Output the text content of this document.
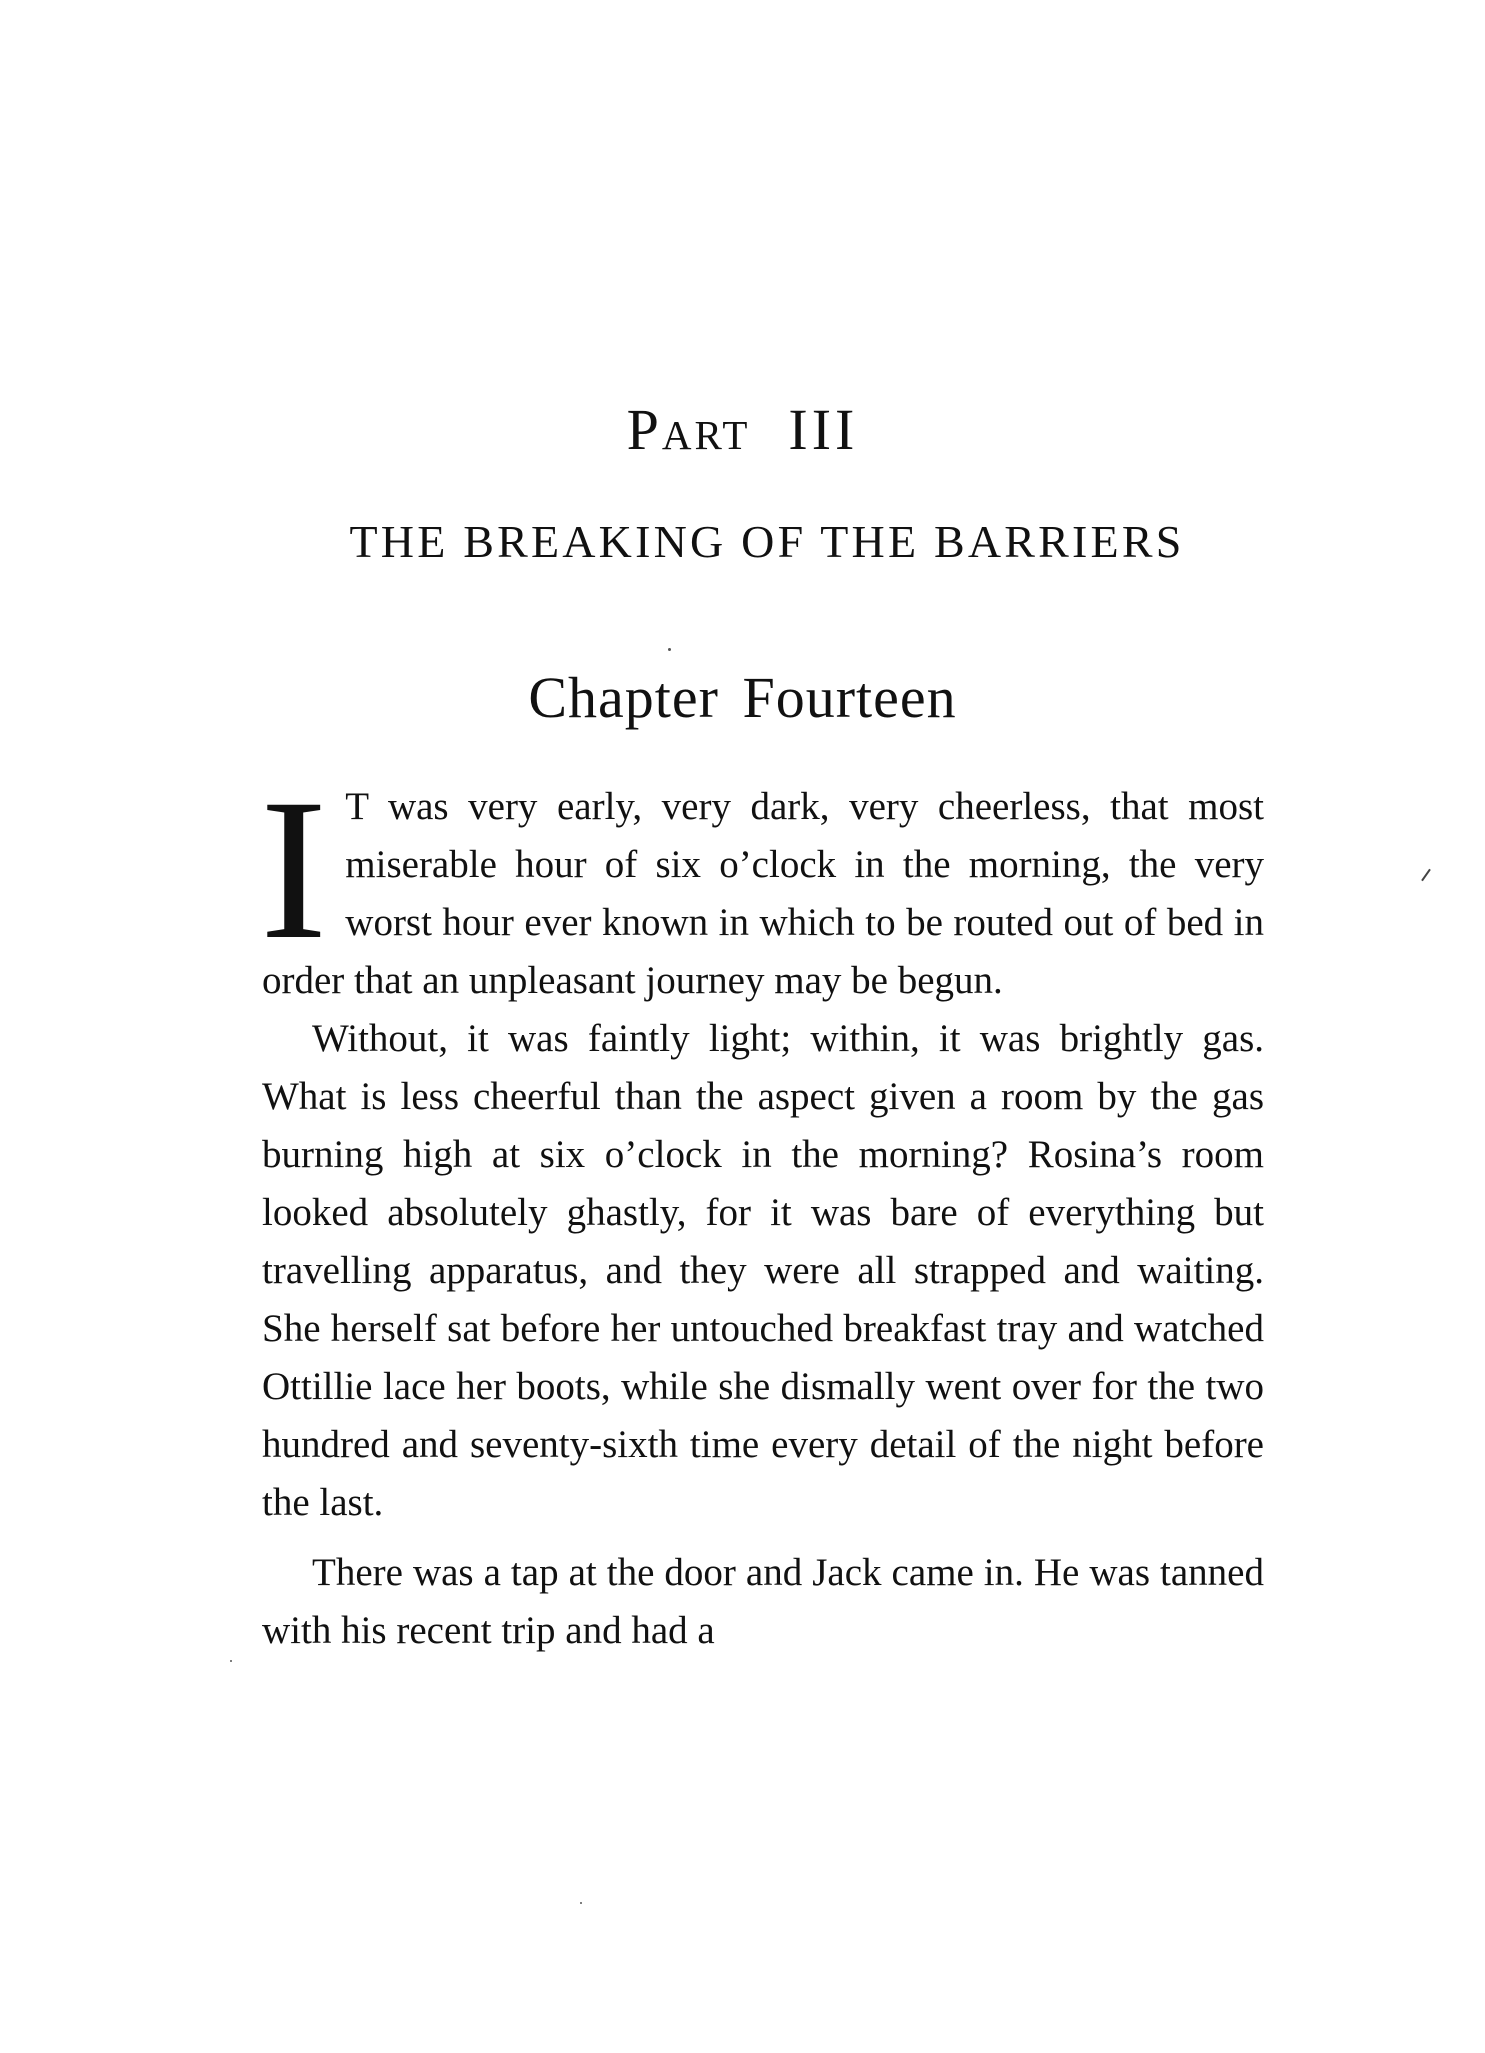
Part III
THE BREAKING OF THE BARRIERS
Chapter Fourteen

I T was very early, very dark, very cheerless, that most miserable hour of six o’clock in the morning, the very worst hour ever known in which to be routed out of bed in order that an unpleasant journey may be begun.

Without, it was faintly light; within, it was brightly gas. What is less cheerful than the aspect given a room by the gas burning high at six o’clock in the morning? Rosina’s room looked absolutely ghastly, for it was bare of everything but travelling apparatus, and they were all strapped and waiting. She herself sat before her untouched breakfast tray and watched Ottillie lace her boots, while she dismally went over for the two hundred and seventy-sixth time every detail of the night before the last.

There was a tap at the door and Jack came in. He was tanned with his recent trip and had a
